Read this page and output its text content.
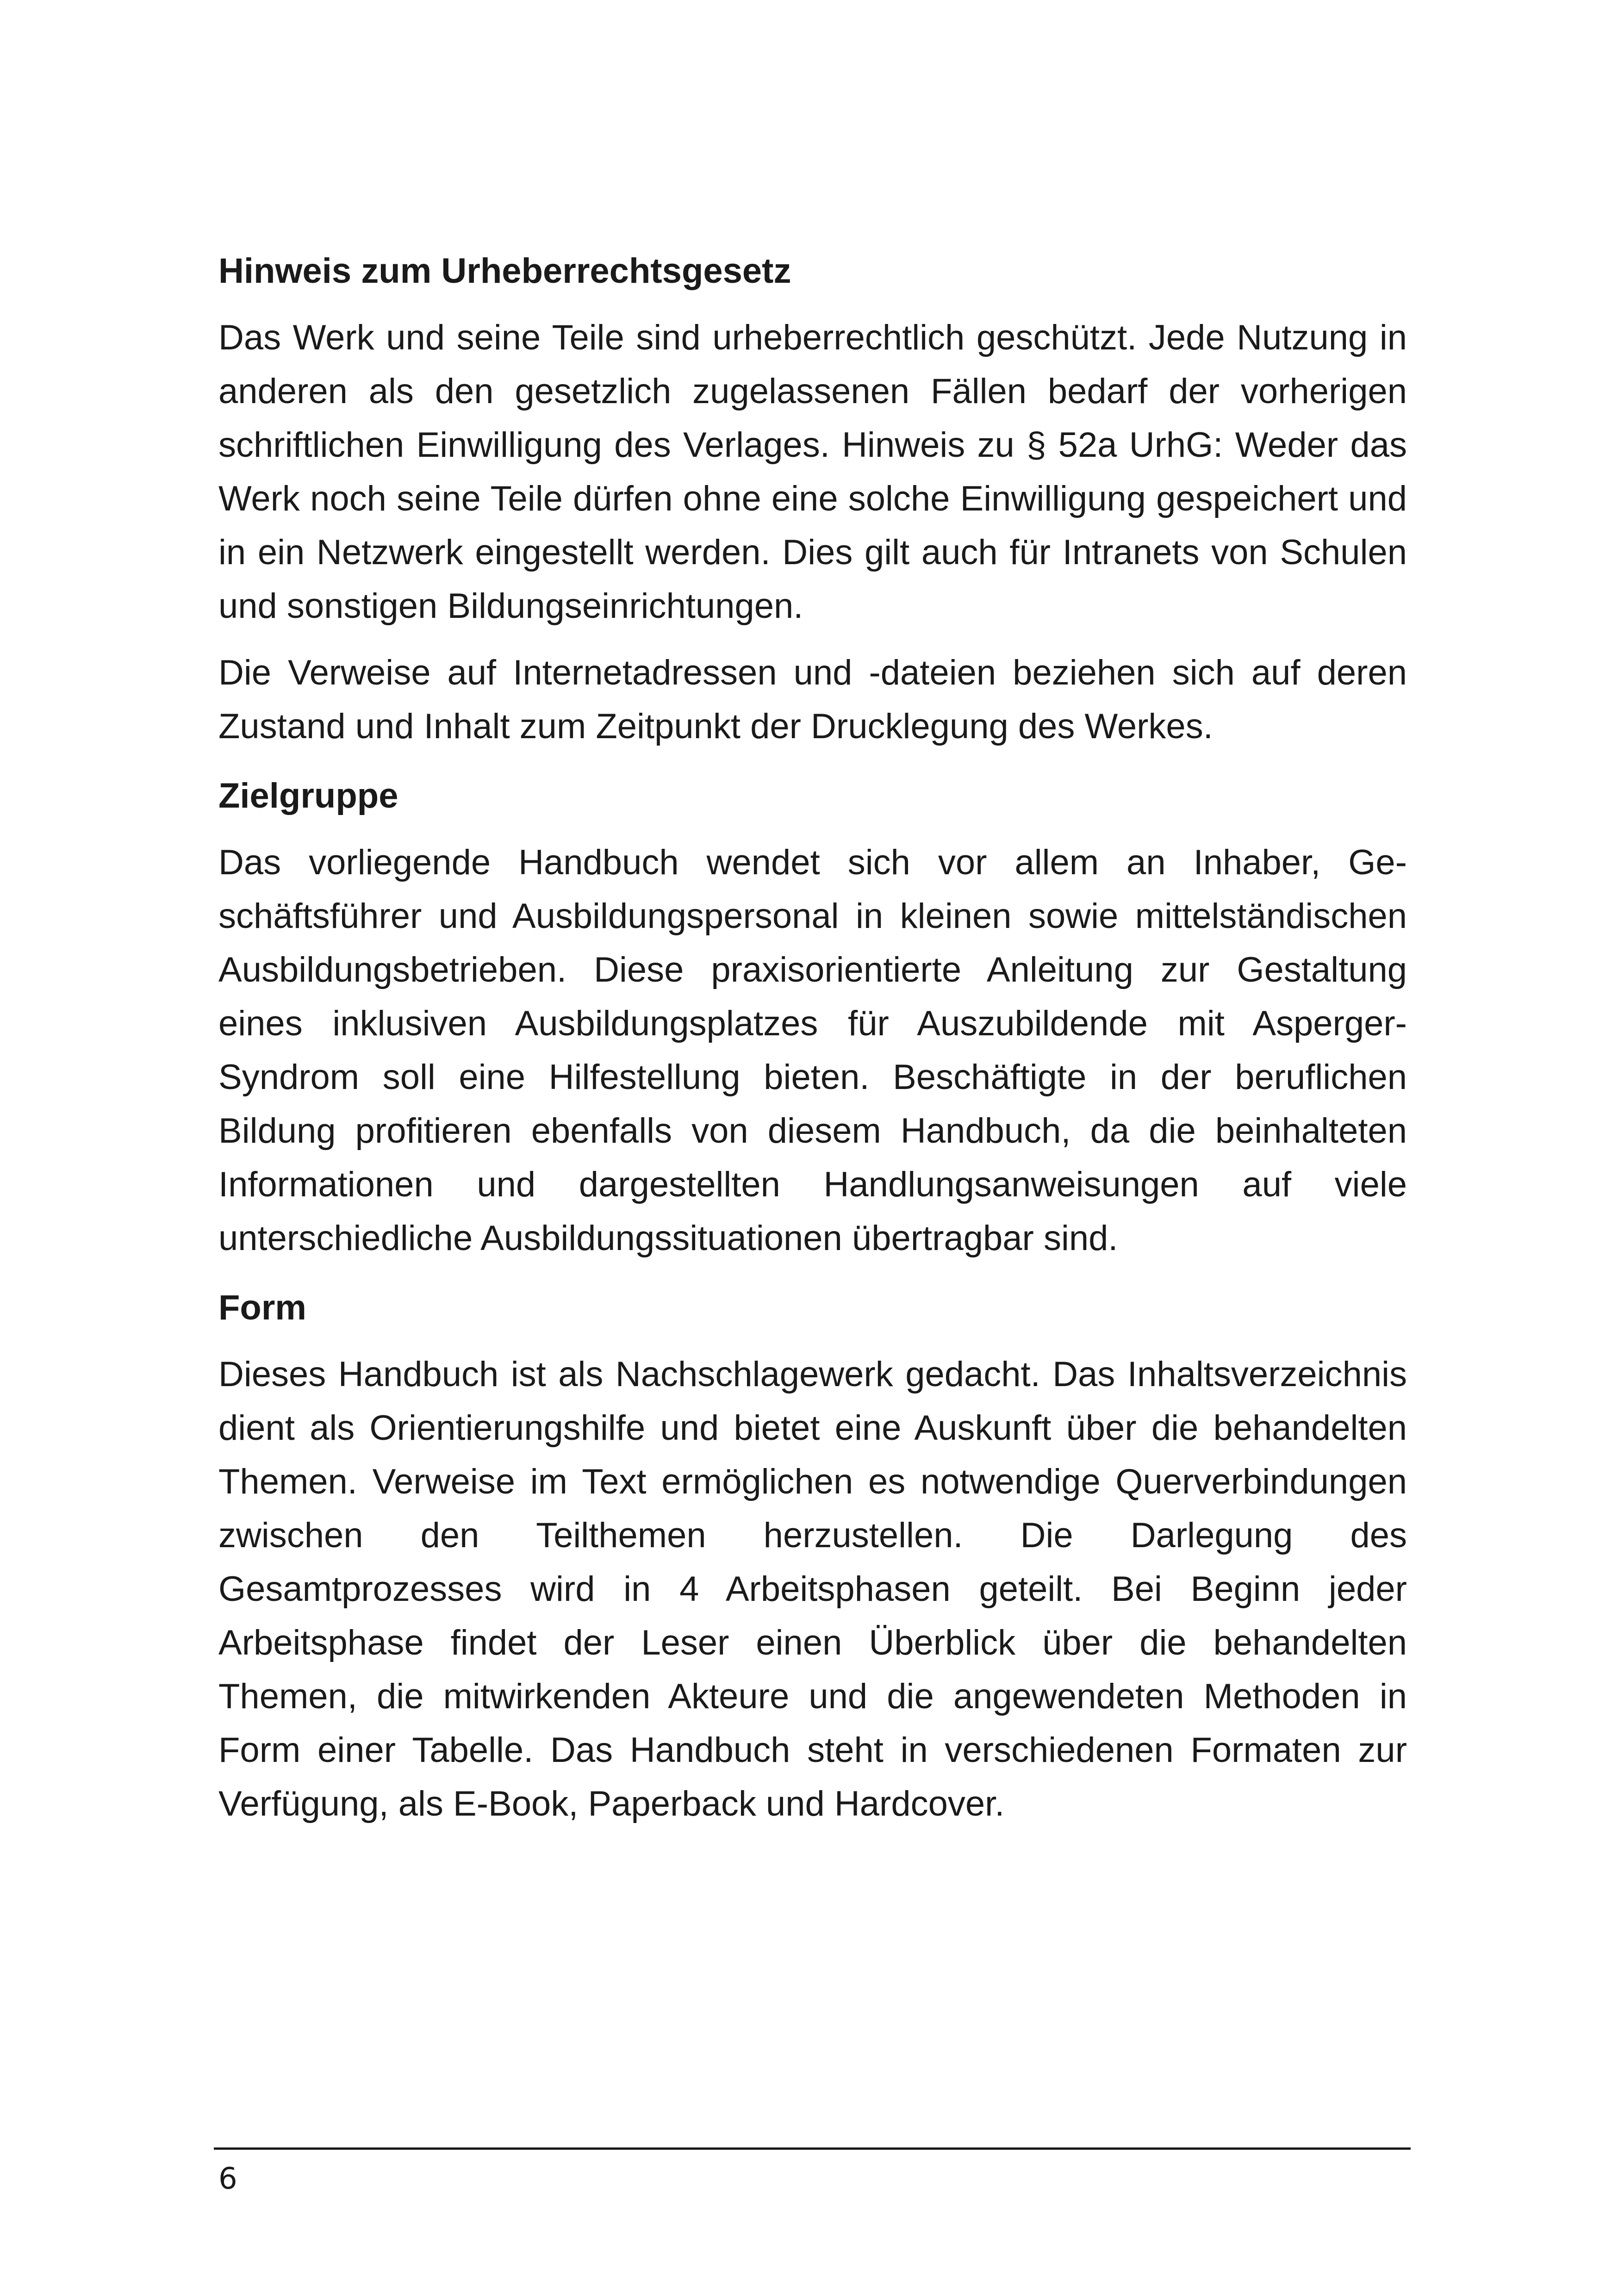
Hinweis zum Urheberrechtsgesetz

Das Werk und seine Teile sind urheberrechtlich geschützt. Jede Nutzung in anderen als den gesetzlich zugelassenen Fällen bedarf der vorherigen schriftlichen Einwilligung des Verlages. Hinweis zu § 52a UrhG: Weder das Werk noch seine Teile dürfen ohne eine solche Einwilligung gespeichert und in ein Netzwerk eingestellt werden. Dies gilt auch für Intranets von Schulen und sonstigen Bildungseinrichtungen.

Die Verweise auf Internetadressen und -dateien beziehen sich auf deren Zustand und Inhalt zum Zeitpunkt der Drucklegung des Werkes.

Zielgruppe

Das vorliegende Handbuch wendet sich vor allem an Inhaber, Geschäftsführer und Ausbildungspersonal in kleinen sowie mittelständischen Ausbildungsbetrieben. Diese praxisorientierte Anleitung zur Gestaltung eines inklusiven Ausbildungsplatzes für Auszubildende mit Asperger-Syndrom soll eine Hilfestellung bieten. Beschäftigte in der beruflichen Bildung profitieren ebenfalls von diesem Handbuch, da die beinhalteten Informationen und dargestellten Handlungsanweisungen auf viele unterschiedliche Ausbildungssituationen übertragbar sind.

Form

Dieses Handbuch ist als Nachschlagewerk gedacht. Das Inhaltsverzeichnis dient als Orientierungshilfe und bietet eine Auskunft über die behandelten Themen. Verweise im Text ermöglichen es notwendige Querverbindungen zwischen den Teilthemen herzustellen. Die Darlegung des Gesamtprozesses wird in 4 Arbeitsphasen geteilt. Bei Beginn jeder Arbeitsphase findet der Leser einen Überblick über die behandelten Themen, die mitwirkenden Akteure und die angewendeten Methoden in Form einer Tabelle. Das Handbuch steht in verschiedenen Formaten zur Verfügung, als E-Book, Paperback und Hardcover.

6
